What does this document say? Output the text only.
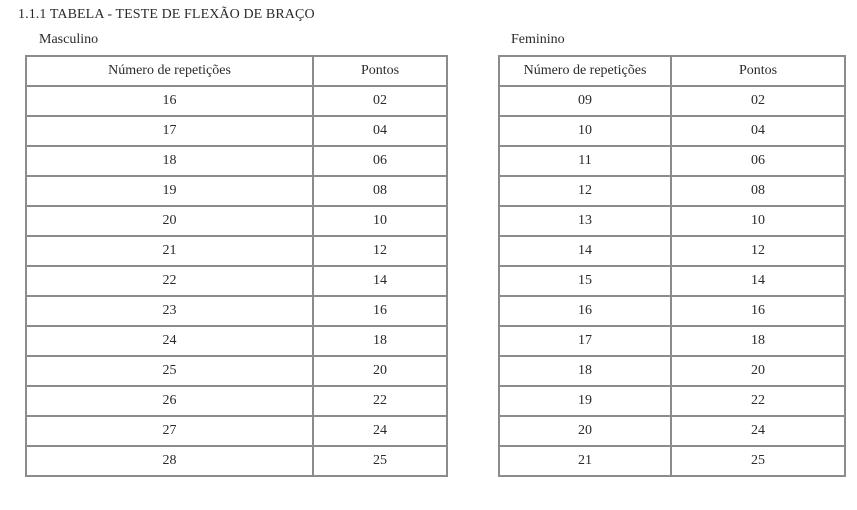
1.1.1 TABELA - TESTE DE FLEXÃO DE BRAÇO
Masculino	Feminino
Número de repetições	Pontos
16	02
17	04
18	06
19	08
20	10
21	12
22	14
23	16
24	18
25	20
26	22
27	24
28	25
Número de repetições	Pontos
09	02
10	04
11	06
12	08
13	10
14	12
15	14
16	16
17	18
18	20
19	22
20	24
21	25
